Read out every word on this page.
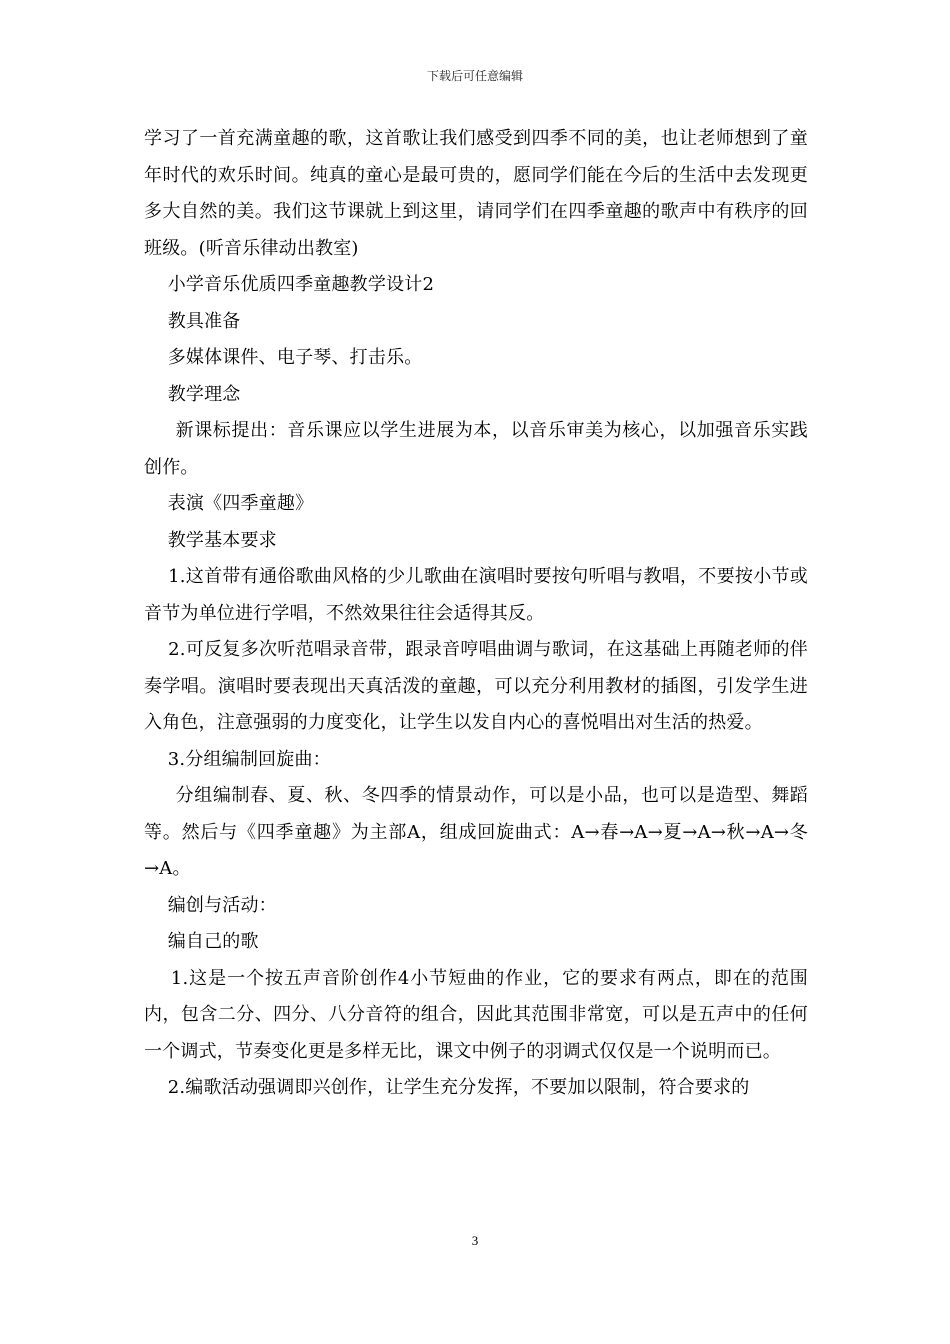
下载后可任意编辑

学习了一首充满童趣的歌，这首歌让我们感受到四季不同的美，也让老师想到了童年时代的欢乐时间。纯真的童心是最可贵的，愿同学们能在今后的生活中去发现更多大自然的美。我们这节课就上到这里，请同学们在四季童趣的歌声中有秩序的回班级。(听音乐律动出教室)

小学音乐优质四季童趣教学设计2

教具准备

多媒体课件、电子琴、打击乐。

教学理念

新课标提出：音乐课应以学生进展为本，以音乐审美为核心，以加强音乐实践创作。

表演《四季童趣》

教学基本要求

1.这首带有通俗歌曲风格的少儿歌曲在演唱时要按句听唱与教唱，不要按小节或音节为单位进行学唱，不然效果往往会适得其反。

2.可反复多次听范唱录音带，跟录音哼唱曲调与歌词，在这基础上再随老师的伴奏学唱。演唱时要表现出天真活泼的童趣，可以充分利用教材的插图，引发学生进入角色，注意强弱的力度变化，让学生以发自内心的喜悦唱出对生活的热爱。

3.分组编制回旋曲：

分组编制春、夏、秋、冬四季的情景动作，可以是小品，也可以是造型、舞蹈等。然后与《四季童趣》为主部A，组成回旋曲式：A→春→A→夏→A→秋→A→冬→A。

编创与活动：

编自己的歌

1.这是一个按五声音阶创作4小节短曲的作业，它的要求有两点，即在的范围内，包含二分、四分、八分音符的组合，因此其范围非常宽，可以是五声中的任何一个调式，节奏变化更是多样无比，课文中例子的羽调式仅仅是一个说明而已。

2.编歌活动强调即兴创作，让学生充分发挥，不要加以限制，符合要求的

3
